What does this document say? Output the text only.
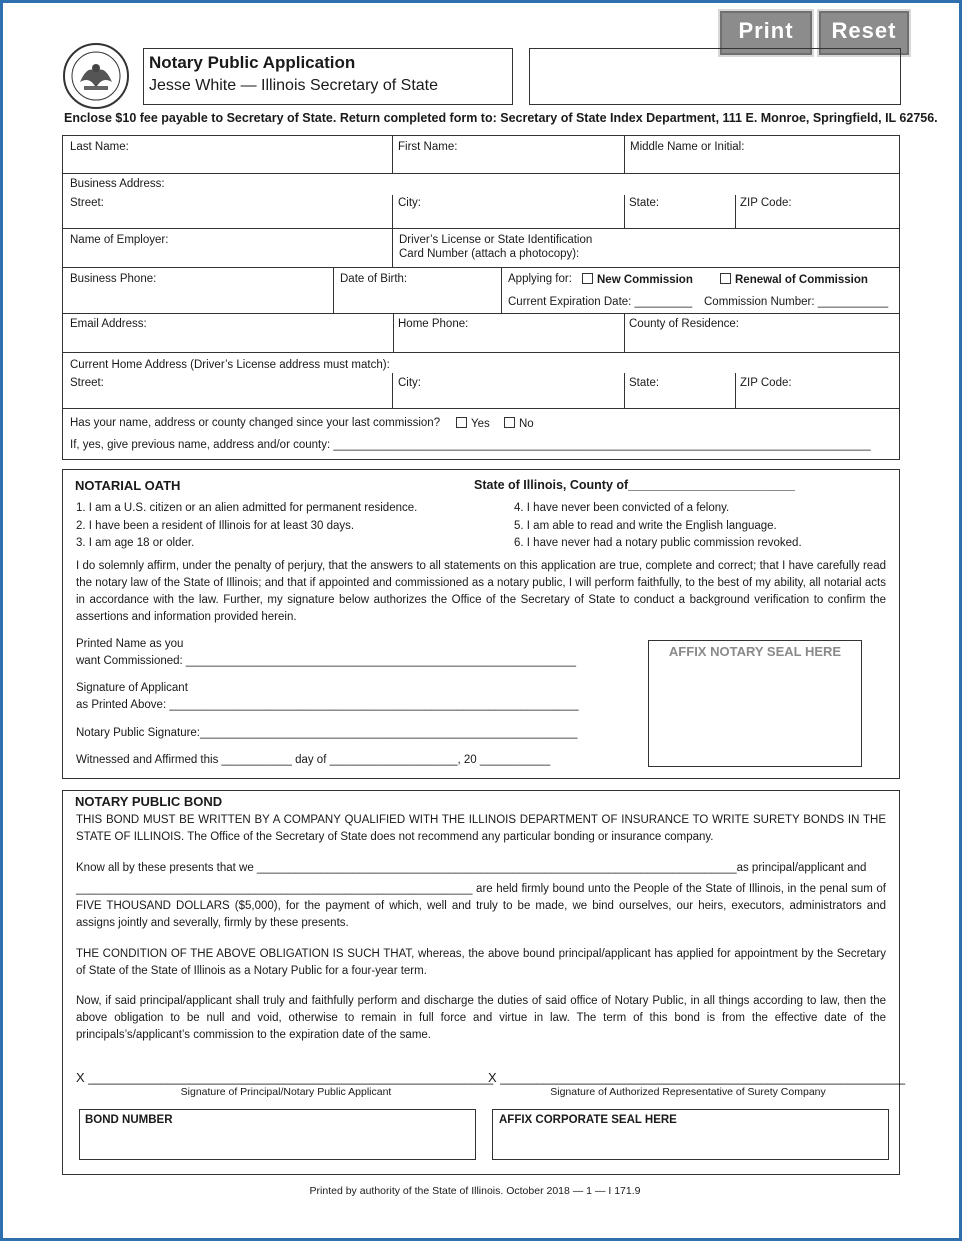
Print	Reset
Notary Public Application
Jesse White — Illinois Secretary of State
Enclose $10 fee payable to Secretary of State. Return completed form to: Secretary of State Index Department, 111 E. Monroe, Springfield, IL 62756.
Last Name:	First Name:	Middle Name or Initial:
Business Address:
Street:	City:	State:	ZIP Code:
Name of Employer:	Driver’s License or State Identification
Card Number (attach a photocopy):
Business Phone:	Date of Birth:	Applying for:	New Commission	Renewal of Commission
Current Expiration Date: _________ Commission Number: ___________
Email Address:	Home Phone:	County of Residence:
Current Home Address (Driver’s License address must match):
Street:	City:	State:	ZIP Code:
Has your name, address or county changed since your last commission?	Yes	No
If, yes, give previous name, address and/or county: ____________________________________________________________________________________
NOTARIAL OATH	State of Illinois, County of________________________
1. I am a U.S. citizen or an alien admitted for permanent residence.
2. I have been a resident of Illinois for at least 30 days.
3. I am age 18 or older.
4. I have never been convicted of a felony.
5. I am able to read and write the English language.
6. I have never had a notary public commission revoked.
I do solemnly affirm, under the penalty of perjury, that the answers to all statements on this application are true, complete and correct; that I have carefully read the notary law of the State of Illinois; and that if appointed and commissioned as a notary public, I will perform faithfully, to the best of my ability, all notarial acts in accordance with the law. Further, my signature below authorizes the Office of the Secretary of State to conduct a background verification to confirm the assertions and information provided herein.
Printed Name as you
want Commissioned: _____________________________________________________________
Signature of Applicant
as Printed Above: ________________________________________________________________
Notary Public Signature:___________________________________________________________
Witnessed and Affirmed this ___________ day of ____________________, 20 ___________
AFFIX NOTARY SEAL HERE
NOTARY PUBLIC BOND
THIS BOND MUST BE WRITTEN BY A COMPANY QUALIFIED WITH THE ILLINOIS DEPARTMENT OF INSURANCE TO WRITE SURETY BONDS IN THE STATE OF ILLINOIS. The Office of the Secretary of State does not recommend any particular bonding or insurance company.
Know all by these presents that we ___________________________________________________________________________as principal/applicant and
______________________________________________________________ are held firmly bound unto the People of the State of Illinois, in the penal sum of FIVE THOUSAND DOLLARS ($5,000), for the payment of which, well and truly to be made, we bind ourselves, our heirs, executors, administrators and assigns jointly and severally, firmly by these presents.
THE CONDITION OF THE ABOVE OBLIGATION IS SUCH THAT, whereas, the above bound principal/applicant has applied for appointment by the Secretary of State of the State of Illinois as a Notary Public for a four-year term.
Now, if said principal/applicant shall truly and faithfully perform and discharge the duties of said office of Notary Public, in all things according to law, then the above obligation to be null and void, otherwise to remain in full force and virtue in law. The term of this bond is from the effective date of the principals’s/applicant’s commission to the expiration date of the same.
X ________________________________________________________
Signature of Principal/Notary Public Applicant
X ________________________________________________________
Signature of Authorized Representative of Surety Company
BOND NUMBER	AFFIX CORPORATE SEAL HERE
Printed by authority of the State of Illinois. October 2018 — 1 — I 171.9
